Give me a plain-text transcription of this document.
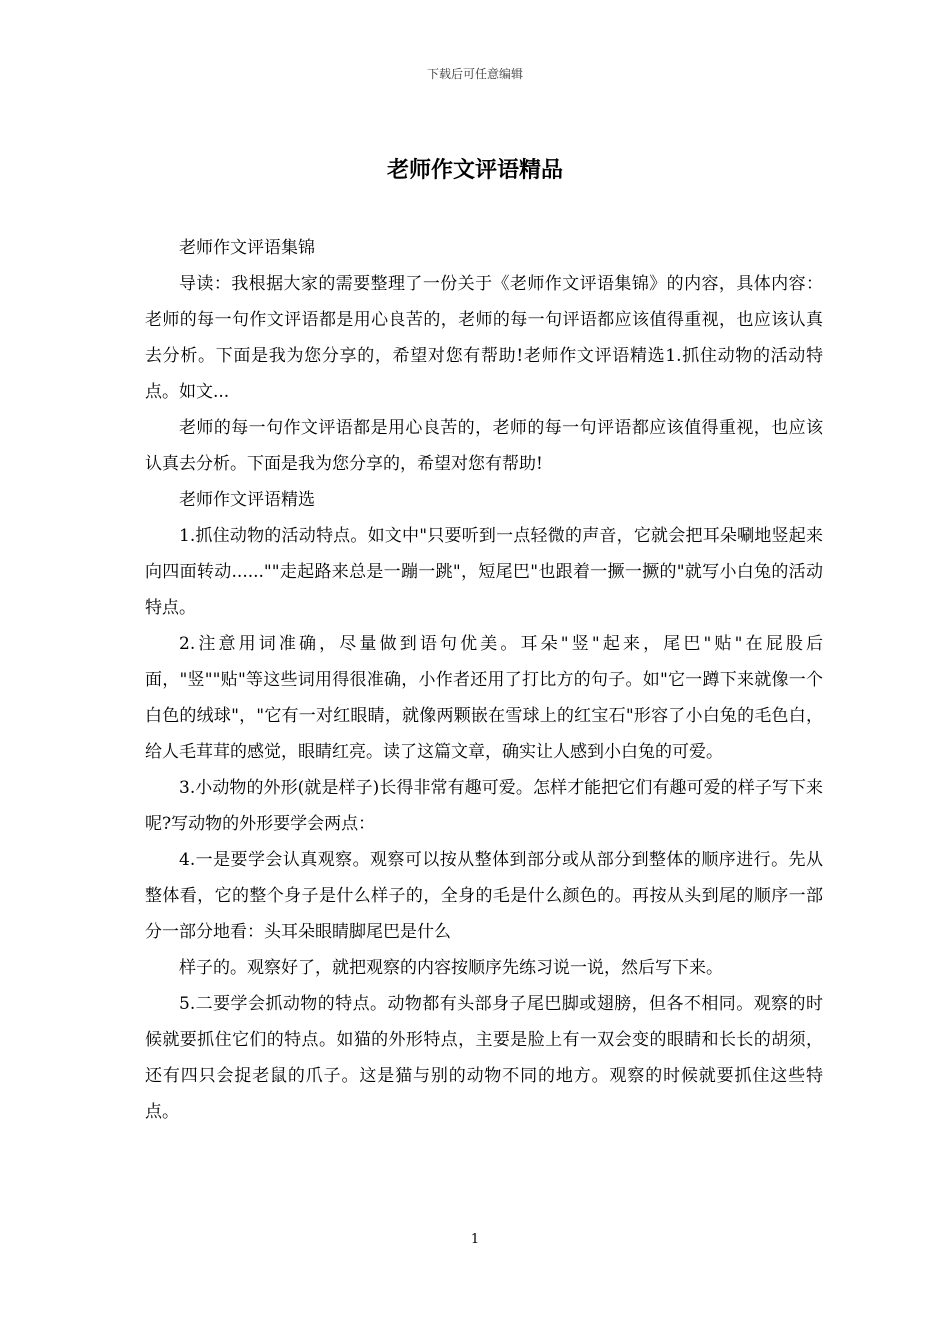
下载后可任意编辑
老师作文评语精品

老师作文评语集锦

导读：我根据大家的需要整理了一份关于《老师作文评语集锦》的内容，具体内容：老师的每一句作文评语都是用心良苦的，老师的每一句评语都应该值得重视，也应该认真去分析。下面是我为您分享的，希望对您有帮助!老师作文评语精选1.抓住动物的活动特点。如文...

老师的每一句作文评语都是用心良苦的，老师的每一句评语都应该值得重视，也应该认真去分析。下面是我为您分享的，希望对您有帮助!

老师作文评语精选

1.抓住动物的活动特点。如文中"只要听到一点轻微的声音，它就会把耳朵唰地竖起来向四面转动......""走起路来总是一蹦一跳"，短尾巴"也跟着一撅一撅的"就写小白兔的活动特点。

2.注意用词准确，尽量做到语句优美。耳朵"竖"起来，尾巴"贴"在屁股后面，"竖""贴"等这些词用得很准确，小作者还用了打比方的句子。如"它一蹲下来就像一个白色的绒球"，"它有一对红眼睛，就像两颗嵌在雪球上的红宝石"形容了小白兔的毛色白，给人毛茸茸的感觉，眼睛红亮。读了这篇文章，确实让人感到小白兔的可爱。

3.小动物的外形(就是样子)长得非常有趣可爱。怎样才能把它们有趣可爱的样子写下来呢?写动物的外形要学会两点：

4.一是要学会认真观察。观察可以按从整体到部分或从部分到整体的顺序进行。先从整体看，它的整个身子是什么样子的，全身的毛是什么颜色的。再按从头到尾的顺序一部分一部分地看：头耳朵眼睛脚尾巴是什么

样子的。观察好了，就把观察的内容按顺序先练习说一说，然后写下来。

5.二要学会抓动物的特点。动物都有头部身子尾巴脚或翅膀，但各不相同。观察的时候就要抓住它们的特点。如猫的外形特点，主要是脸上有一双会变的眼睛和长长的胡须，还有四只会捉老鼠的爪子。这是猫与别的动物不同的地方。观察的时候就要抓住这些特点。

1
